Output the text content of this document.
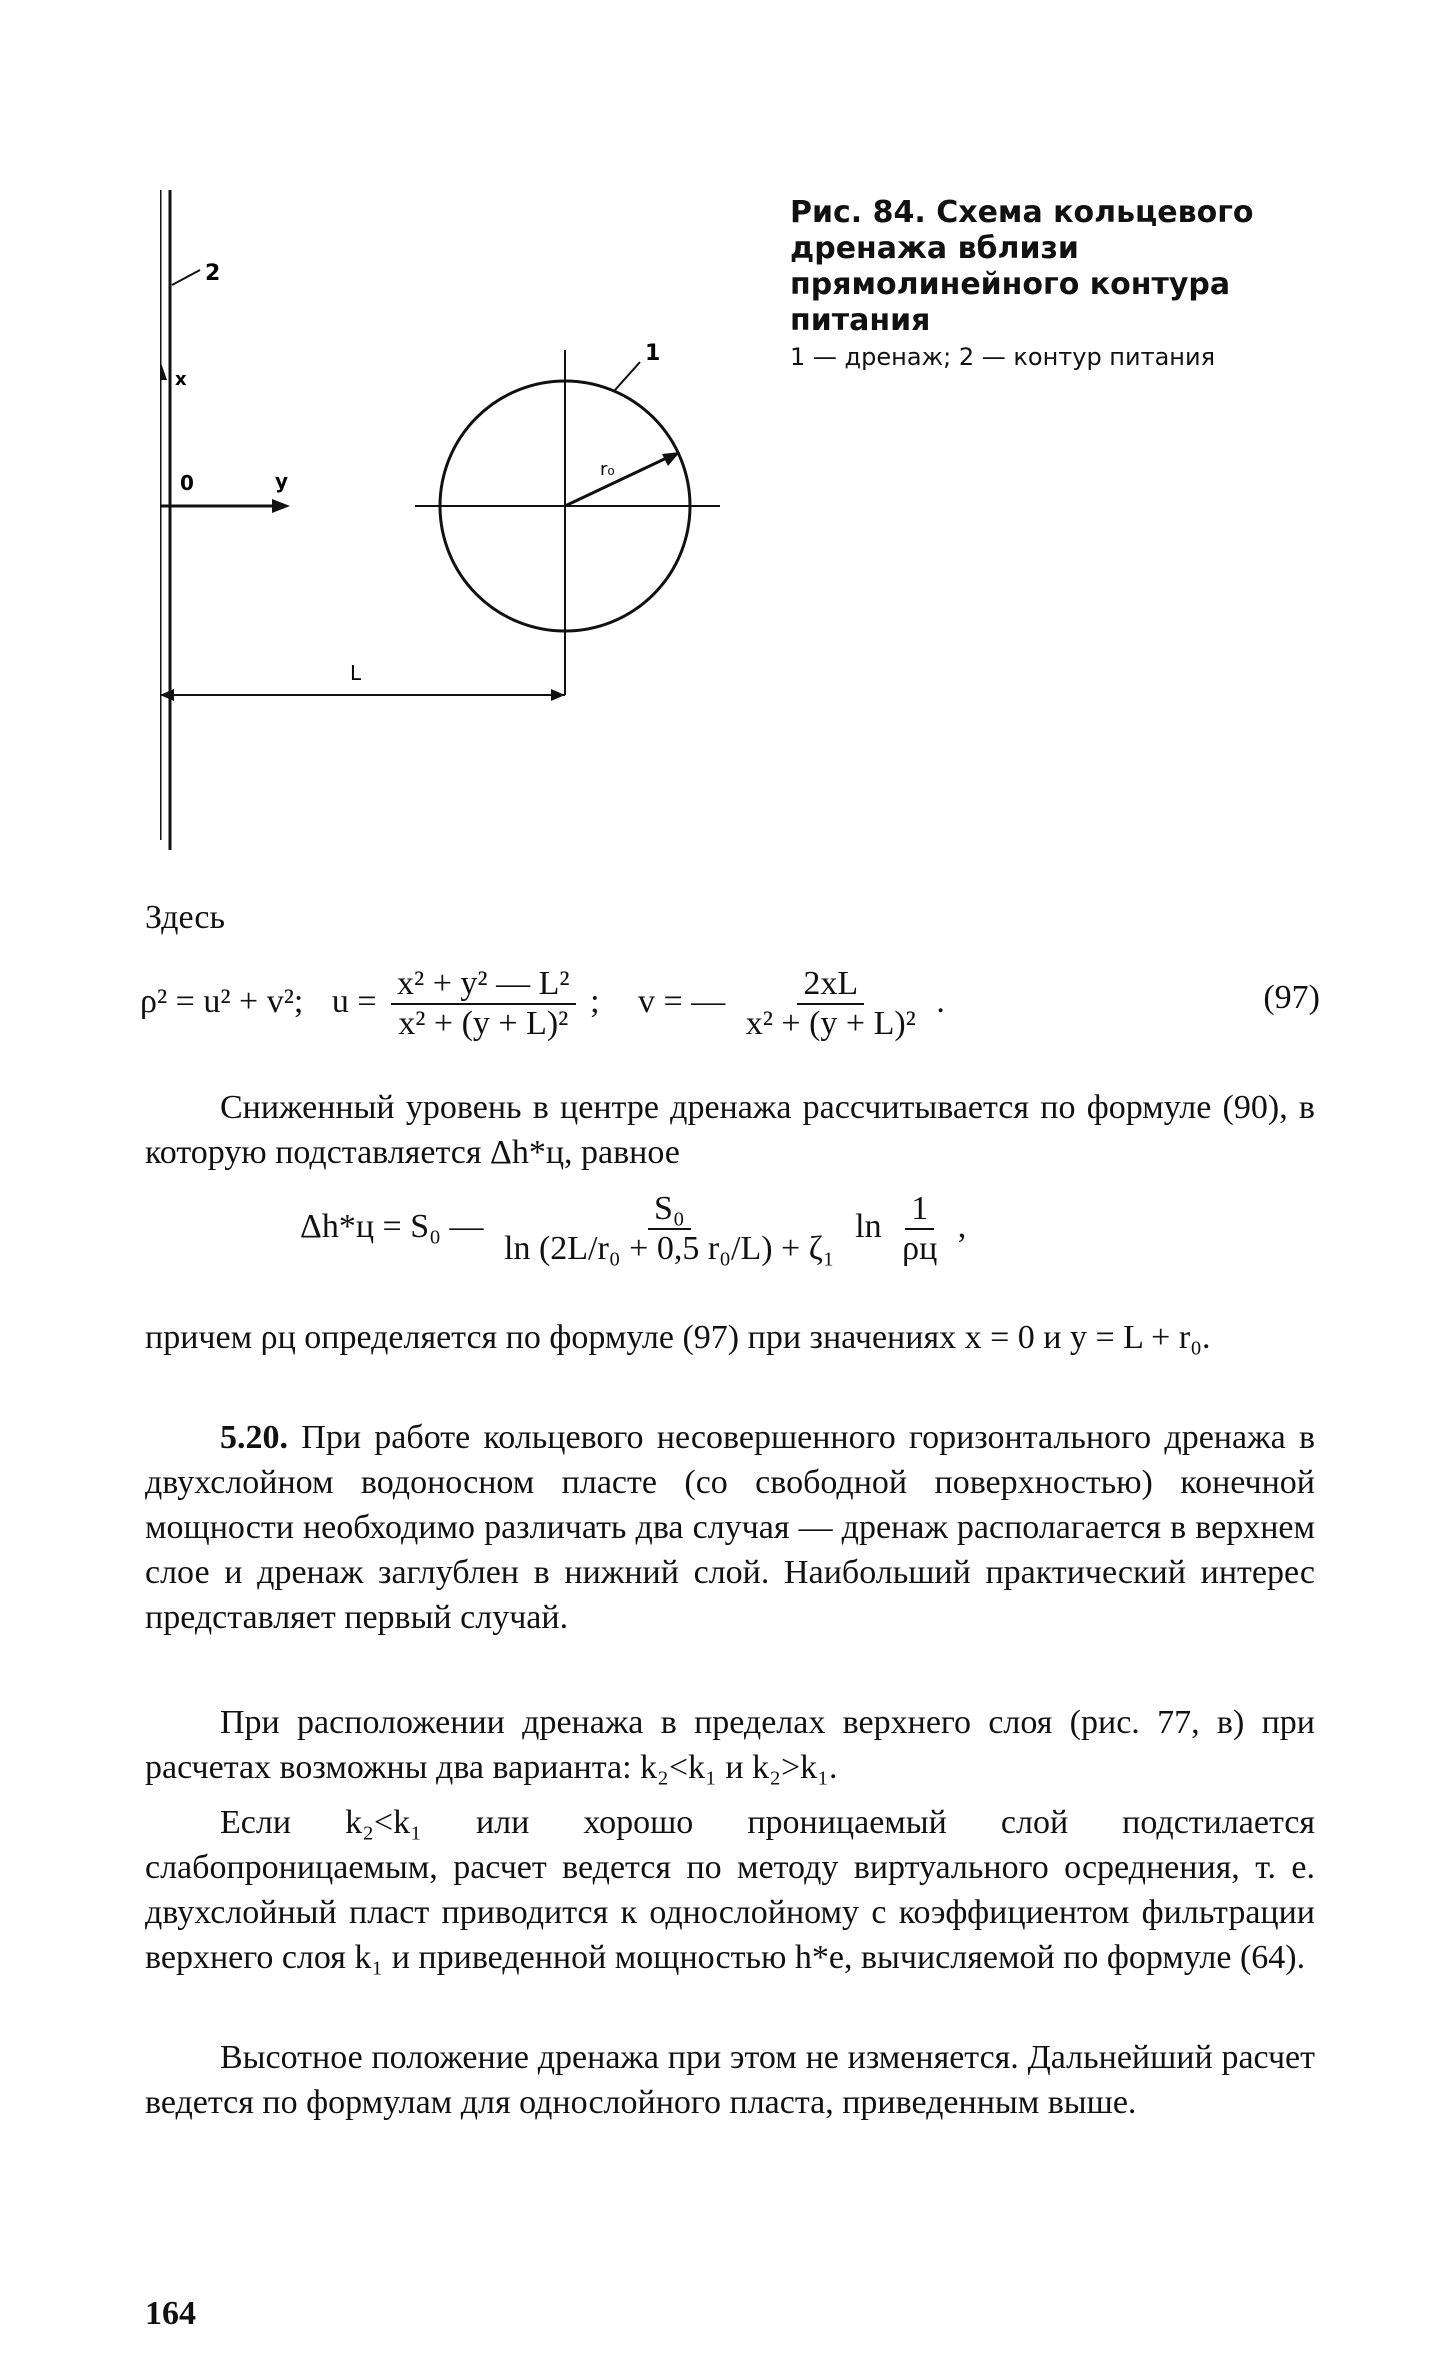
2
x
0	y
1
r₀
L
Рис. 84. Схема кольцевого дренажа вблизи прямолинейного контура питания
1 — дренаж; 2 — контур питания

Здесь

ρ² = u² + v²; $u = \frac{\text{x² + y² — L²}}{\text{x² + (y + L)²}}$ ; v = — $\frac{2xL}{\text{x² + (y + L)²}}$ .	(97)

Сниженный уровень в центре дренажа рассчитывается по формуле (90), в которую подставляется Δh*ц, равное

Δh*ц = S₀ — $\frac{\text{S₀}}{\text{ln (2L/r₀ + 0,5 r₀/L) + ζ₁}}$ $\ln \frac{1}{\rho ц}$ ,

причем ρц определяется по формуле (97) при значениях x = 0 и y = L + r₀.

5.20. При работе кольцевого несовершенного горизонтального дренажа в двухслойном водоносном пласте (со свободной поверхностью) конечной мощности необходимо различать два случая — дренаж располагается в верхнем слое и дренаж заглублен в нижний слой. Наибольший практический интерес представляет первый случай.

При расположении дренажа в пределах верхнего слоя (рис. 77, в) при расчетах возможны два варианта: k₂<k₁ и k₂>k₁.

Если k₂<k₁ или хорошо проницаемый слой подстилается слабопроницаемым, расчет ведется по методу виртуального осреднения, т. е. двухслойный пласт приводится к однослойному с коэффициентом фильтрации верхнего слоя k₁ и приведенной мощностью h*е, вычисляемой по формуле (64).

Высотное положение дренажа при этом не изменяется. Дальнейший расчет ведется по формулам для однослойного пласта, приведенным выше.

164
